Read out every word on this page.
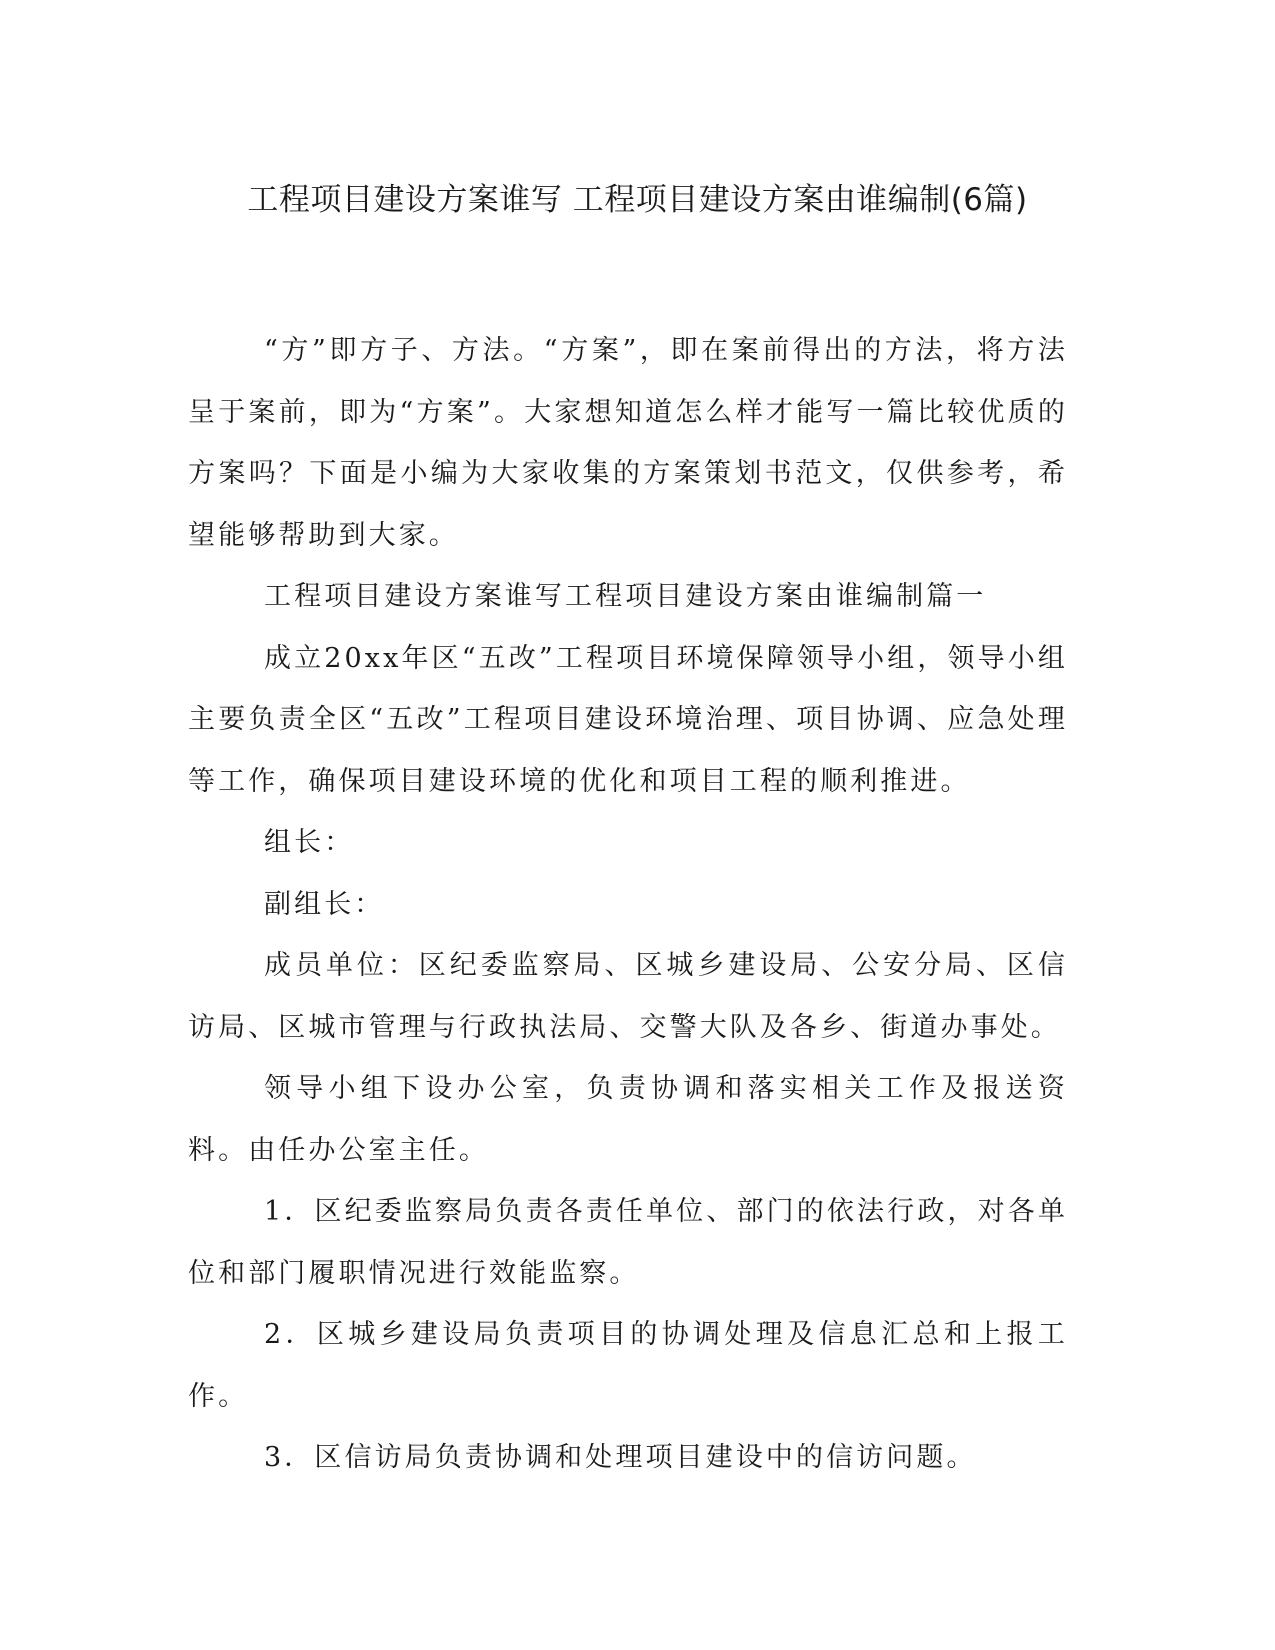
工程项目建设方案谁写 工程项目建设方案由谁编制(6篇)

“方”即方子、方法。“方案”，即在案前得出的方法，将方法呈于案前，即为“方案”。大家想知道怎么样才能写一篇比较优质的方案吗？下面是小编为大家收集的方案策划书范文，仅供参考，希望能够帮助到大家。

工程项目建设方案谁写工程项目建设方案由谁编制篇一

成立20xx年区“五改”工程项目环境保障领导小组，领导小组主要负责全区“五改”工程项目建设环境治理、项目协调、应急处理等工作，确保项目建设环境的优化和项目工程的顺利推进。

组长：

副组长：

成员单位：区纪委监察局、区城乡建设局、公安分局、区信访局、区城市管理与行政执法局、交警大队及各乡、街道办事处。

领导小组下设办公室，负责协调和落实相关工作及报送资料。由任办公室主任。

1．区纪委监察局负责各责任单位、部门的依法行政，对各单位和部门履职情况进行效能监察。

2．区城乡建设局负责项目的协调处理及信息汇总和上报工作。

3．区信访局负责协调和处理项目建设中的信访问题。
